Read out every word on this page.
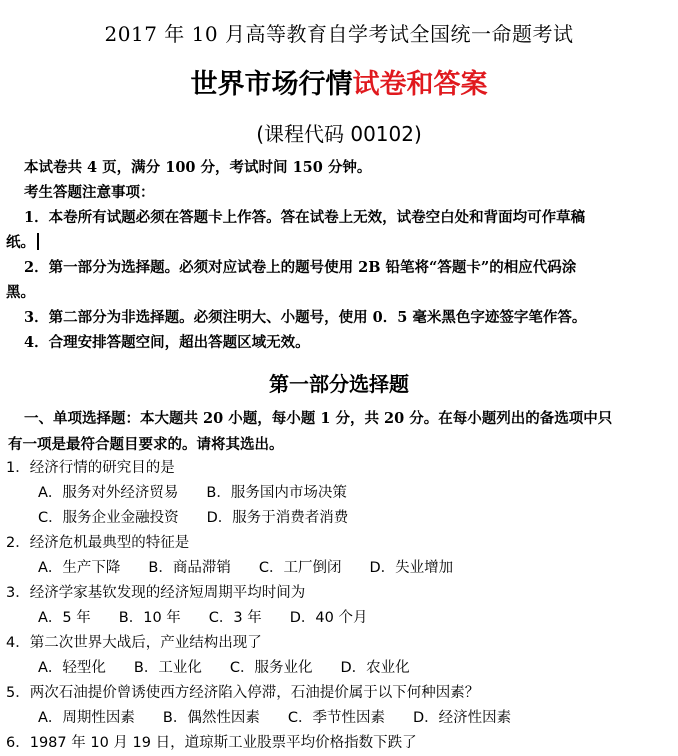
2017 年 10 月高等教育自学考试全国统一命题考试
世界市场行情试卷和答案
(课程代码 00102)

本试卷共 4 页，满分 100 分，考试时间 150 分钟。

考生答题注意事项：

1．本卷所有试题必须在答题卡上作答。答在试卷上无效，试卷空白处和背面均可作草稿

纸。

2．第一部分为选择题。必须对应试卷上的题号使用 2B 铅笔将“答题卡”的相应代码涂

黑。

3．第二部分为非选择题。必须注明大、小题号，使用 0．5 毫米黑色字迹签字笔作答。

4．合理安排答题空间，超出答题区域无效。

第一部分选择题
一、单项选择题：本大题共 20 小题，每小题 1 分，共 20 分。在每小题列出的备选项中只
有一项是最符合题目要求的。请将其选出。
1．经济行情的研究目的是
A．服务对外经济贸易 B．服务国内市场决策
C．服务企业金融投资 D．服务于消费者消费
2．经济危机最典型的特征是
A．生产下降 B．商品滞销 C．工厂倒闭 D．失业增加
3．经济学家基钦发现的经济短周期平均时间为
A．5 年 B．10 年 C．3 年 D．40 个月
4．第二次世界大战后，产业结构出现了
A．轻型化 B．工业化 C．服务业化 D．农业化
5．两次石油提价曾诱使西方经济陷入停滞，石油提价属于以下何种因素？
A．周期性因素 B．偶然性因素 C．季节性因素 D．经济性因素
6．1987 年 10 月 19 日，道琼斯工业股票平均价格指数下跌了
